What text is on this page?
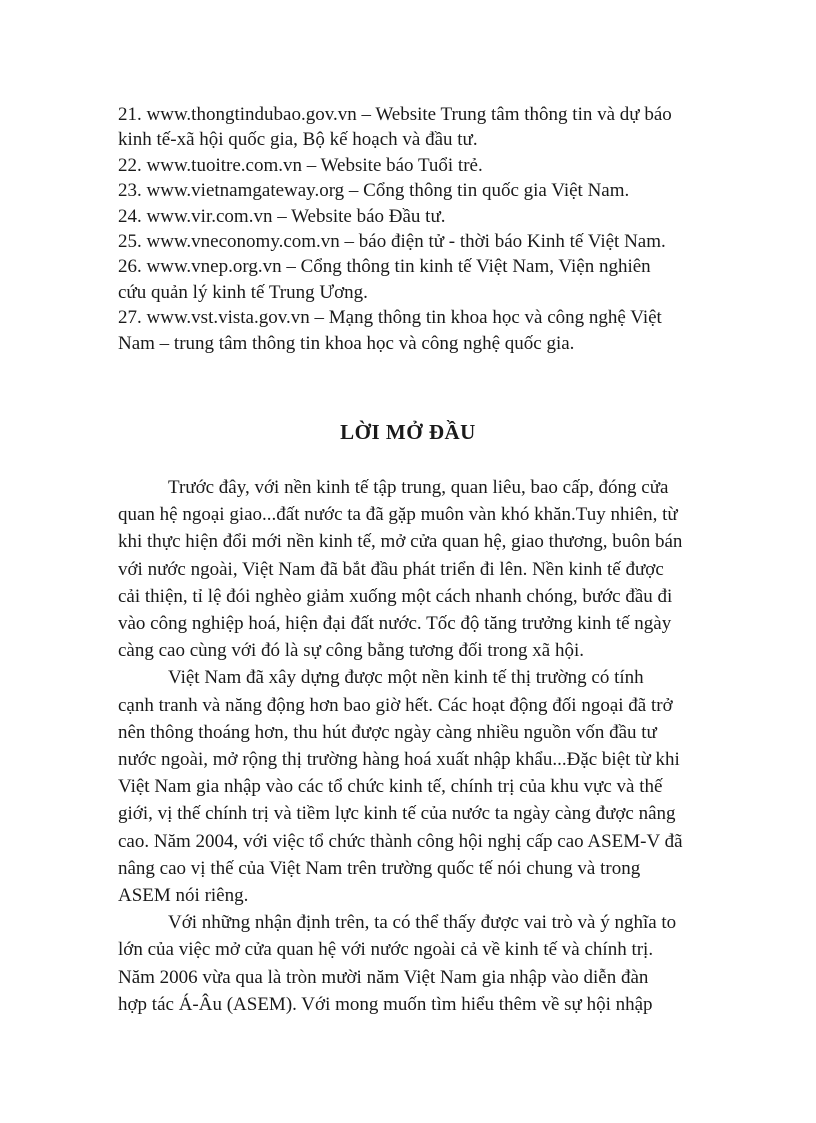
21. www.thongtindubao.gov.vn – Website Trung tâm thông tin và dự báo
kinh tế-xã hội quốc gia, Bộ kế hoạch và đầu tư.
22. www.tuoitre.com.vn – Website báo Tuổi trẻ.
23. www.vietnamgateway.org – Cổng thông tin quốc gia Việt Nam.
24. www.vir.com.vn – Website báo Đầu tư.
25. www.vneconomy.com.vn – báo điện tử - thời báo Kinh tế Việt Nam.
26. www.vnep.org.vn – Cổng thông tin kinh tế Việt Nam, Viện nghiên
cứu quản lý kinh tế Trung Ương.
27. www.vst.vista.gov.vn – Mạng thông tin khoa học và công nghệ Việt
Nam – trung tâm thông tin khoa học và công nghệ quốc gia.
LỜI MỞ ĐẦU
Trước đây, với nền kinh tế tập trung, quan liêu, bao cấp, đóng cửa
quan hệ ngoại giao...đất nước ta đã gặp muôn vàn khó khăn.Tuy nhiên, từ
khi thực hiện đổi mới nền kinh tế, mở cửa quan hệ, giao thương, buôn bán
với nước ngoài, Việt Nam đã bắt đầu phát triển đi lên. Nền kinh tế được
cải thiện, tỉ lệ đói nghèo giảm xuống một cách nhanh chóng, bước đầu đi
vào công nghiệp hoá, hiện đại đất nước. Tốc độ tăng trưởng kinh tế ngày
càng cao cùng với đó là sự công bằng tương đối trong xã hội.
Việt Nam đã xây dựng được một nền kinh tế thị trường có tính
cạnh tranh và năng động hơn bao giờ hết. Các hoạt động đối ngoại đã trở
nên thông thoáng hơn, thu hút được ngày càng nhiều nguồn vốn đầu tư
nước ngoài, mở rộng thị trường hàng hoá xuất nhập khẩu...Đặc biệt từ khi
Việt Nam gia nhập vào các tổ chức kinh tế, chính trị của khu vực và thế
giới, vị thế chính trị và tiềm lực kinh tế của nước ta ngày càng được nâng
cao. Năm 2004, với việc tổ chức thành công hội nghị cấp cao ASEM-V đã
nâng cao vị thế của Việt Nam trên trường quốc tế nói chung và trong
ASEM nói riêng.
Với những nhận định trên, ta có thể thấy được vai trò và ý nghĩa to
lớn của việc mở cửa quan hệ với nước ngoài cả về kinh tế và chính trị.
Năm 2006 vừa qua là tròn mười năm Việt Nam gia nhập vào diễn đàn
hợp tác Á-Âu (ASEM). Với mong muốn tìm hiểu thêm về sự hội nhập
